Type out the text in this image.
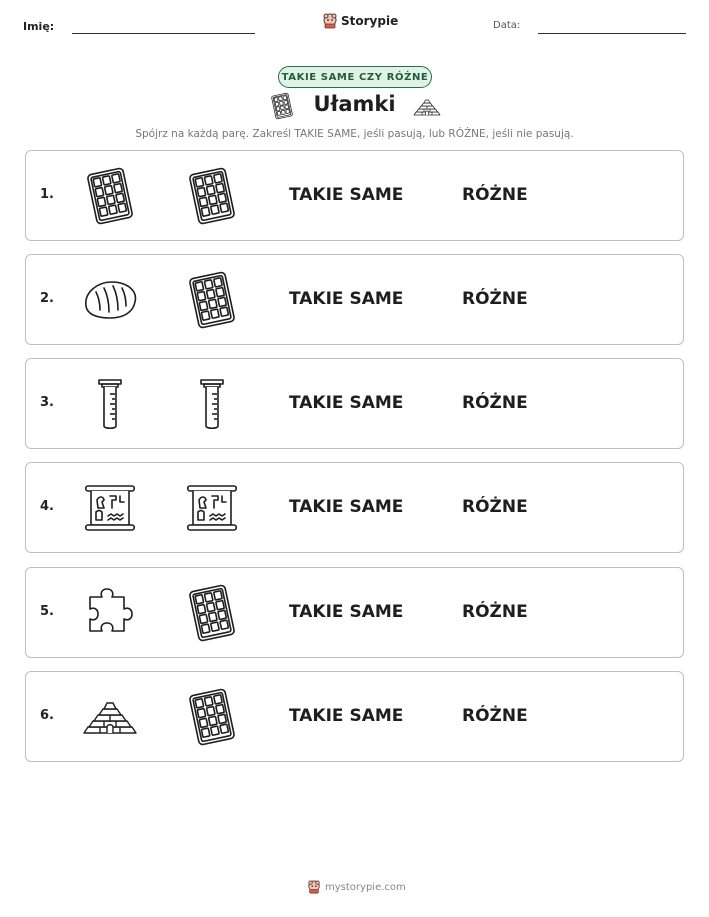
Imię:	Storypie	Data:
TAKIE SAME CZY RÓŻNE
Ułamki
Spójrz na każdą parę. Zakreśl TAKIE SAME, jeśli pasują, lub RÓŻNE, jeśli nie pasują.
1.	TAKIE SAME	RÓŻNE
2.	TAKIE SAME	RÓŻNE
3.	TAKIE SAME	RÓŻNE
4.	TAKIE SAME	RÓŻNE
5.	TAKIE SAME	RÓŻNE
6.	TAKIE SAME	RÓŻNE
mystorypie.com
